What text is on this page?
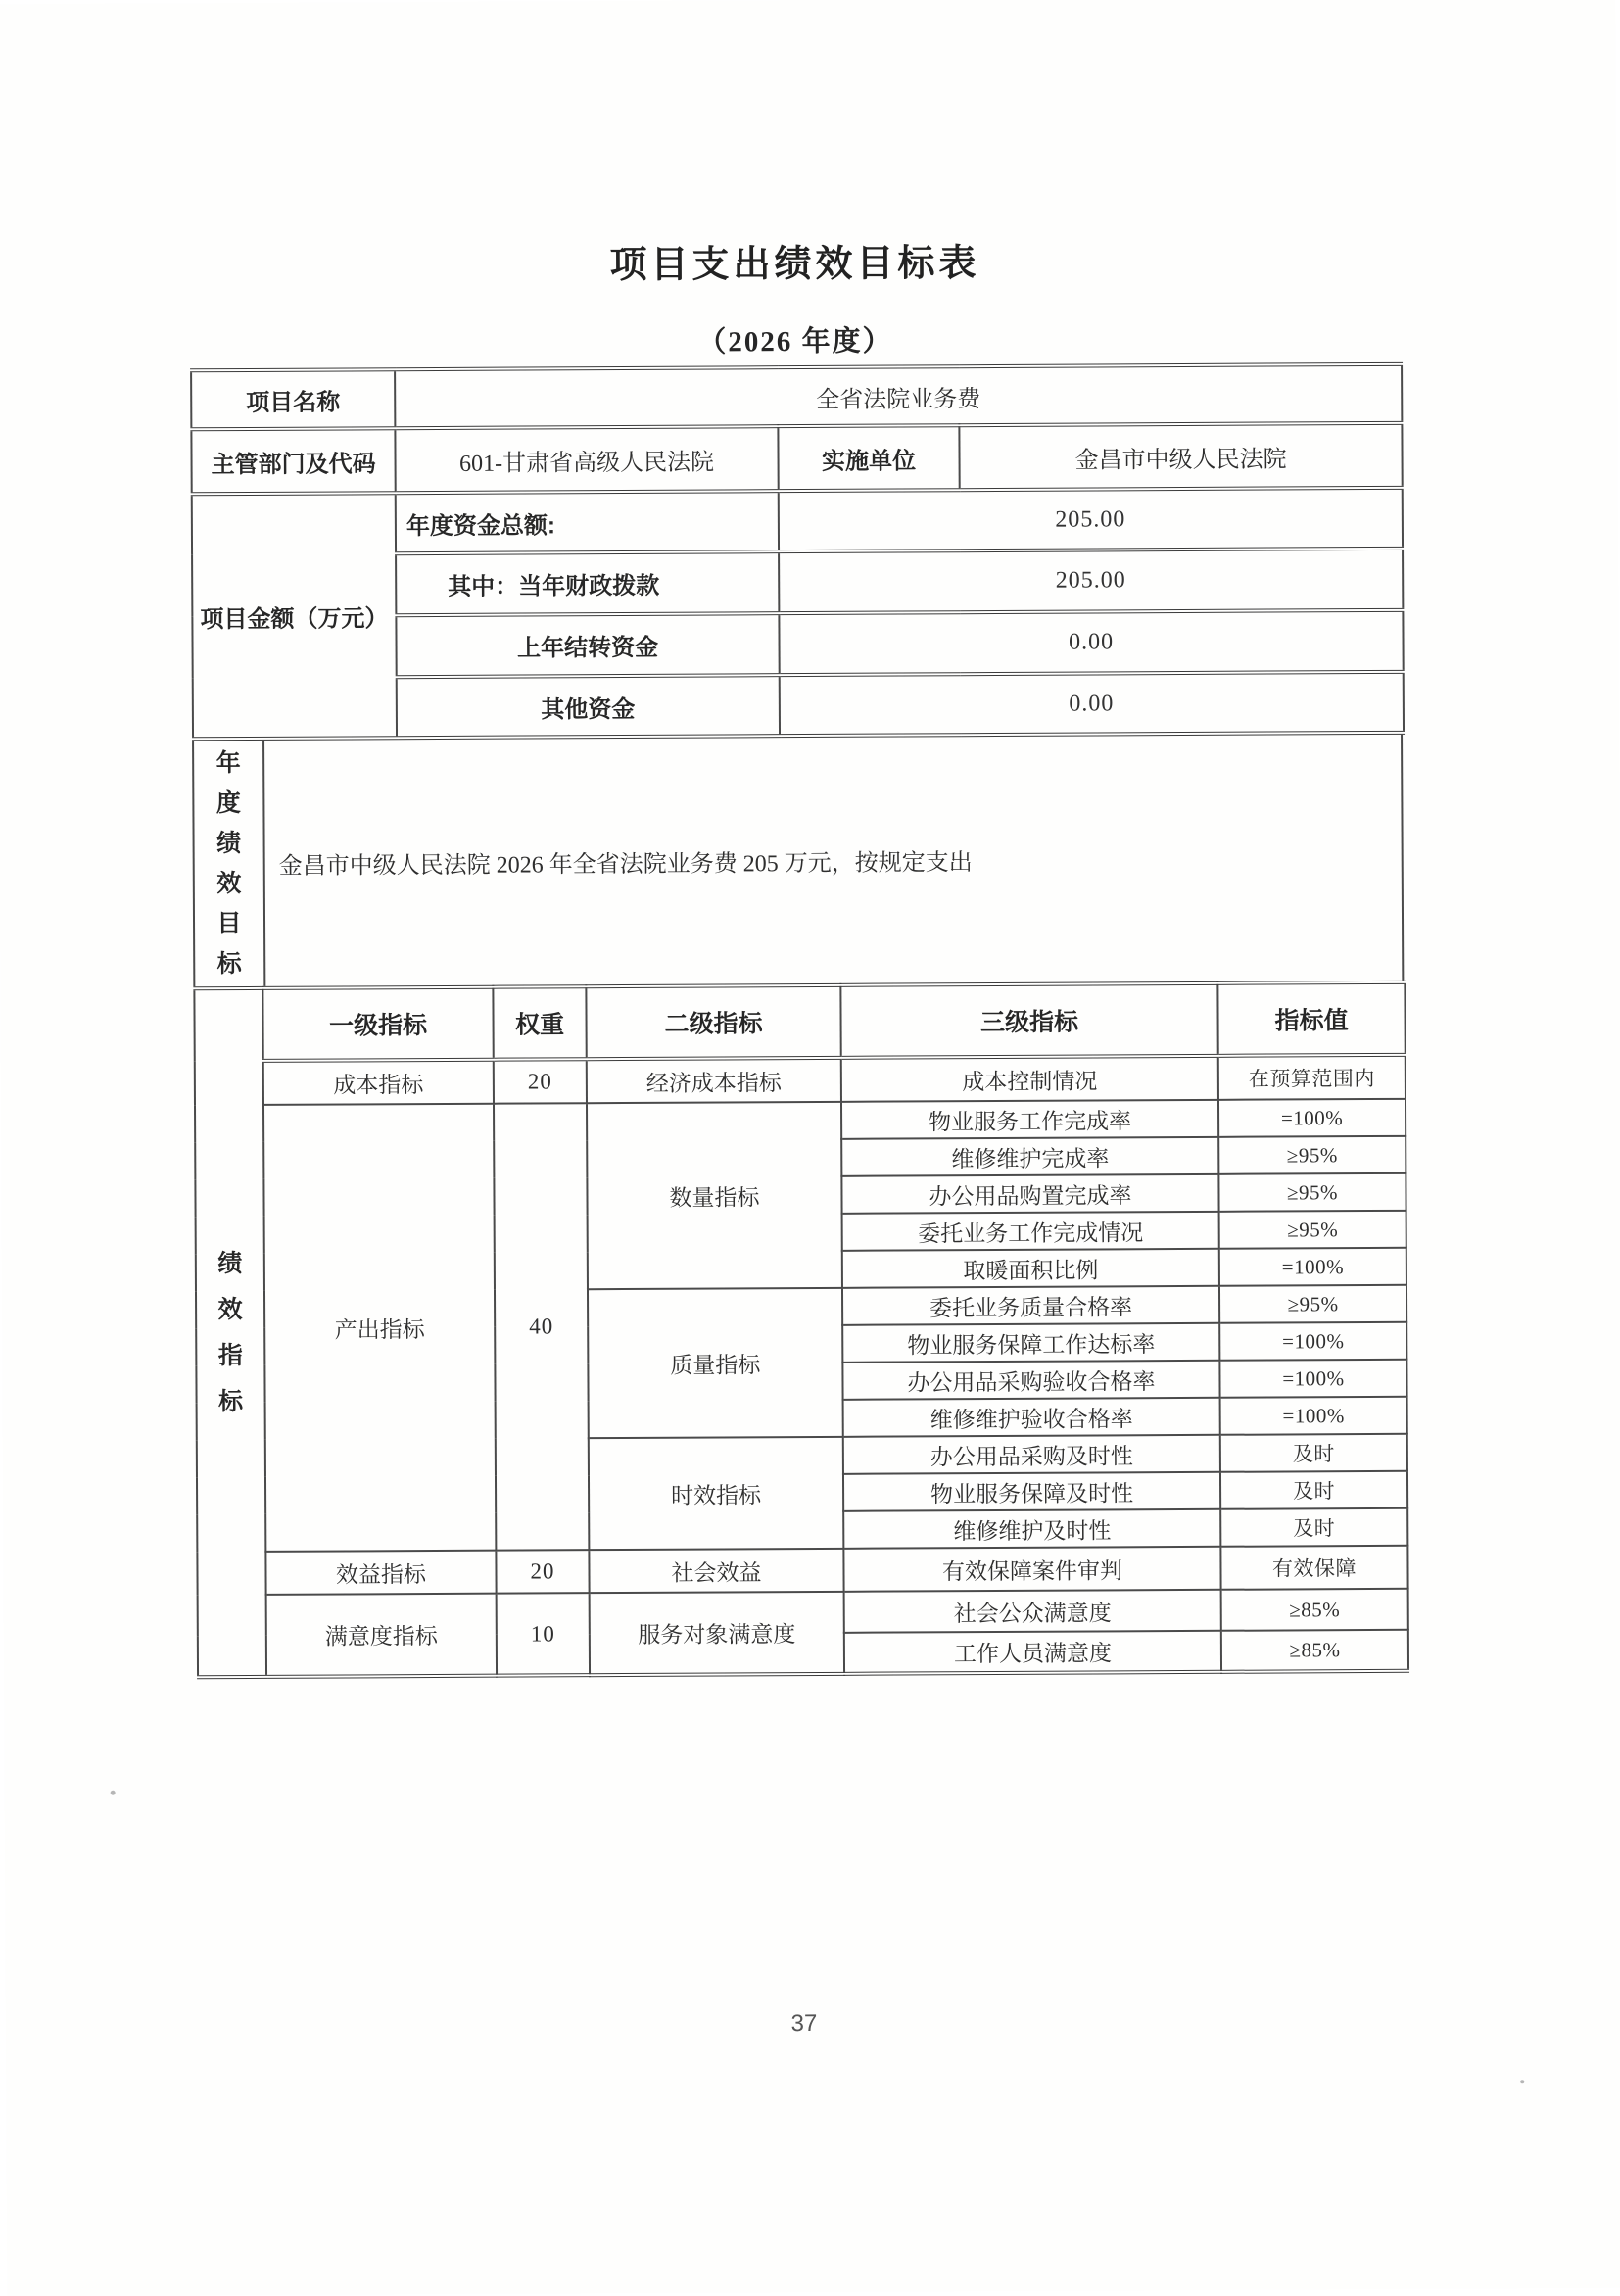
项目支出绩效目标表
（2026 年度）
项目名称	全省法院业务费		
主管部门及代码	601-甘肃省高级人民法院	实施单位	金昌市中级人民法院
项目金额（万元）	年度资金总额:	205.00	
	其中：当年财政拨款	205.00	
	上年结转资金	0.00	
	其他资金	0.00	
年
度
绩
效
目
标
金昌市中级人民法院 2026 年全省法院业务费 205 万元，按规定支出
绩
效
指
标	一级指标	权重	二级指标	三级指标	指标值
	成本指标	20	经济成本指标	成本控制情况	在预算范围内
	产出指标	40	数量指标	物业服务工作完成率	=100%
				维修维护完成率	≥95%
				办公用品购置完成率	≥95%
				委托业务工作完成情况	≥95%
				取暖面积比例	=100%
			质量指标	委托业务质量合格率	≥95%
				物业服务保障工作达标率	=100%
				办公用品采购验收合格率	=100%
				维修维护验收合格率	=100%
			时效指标	办公用品采购及时性	及时
				物业服务保障及时性	及时
				维修维护及时性	及时
	效益指标	20	社会效益	有效保障案件审判	有效保障
	满意度指标	10	服务对象满意度	社会公众满意度	≥85%
				工作人员满意度	≥85%
37
